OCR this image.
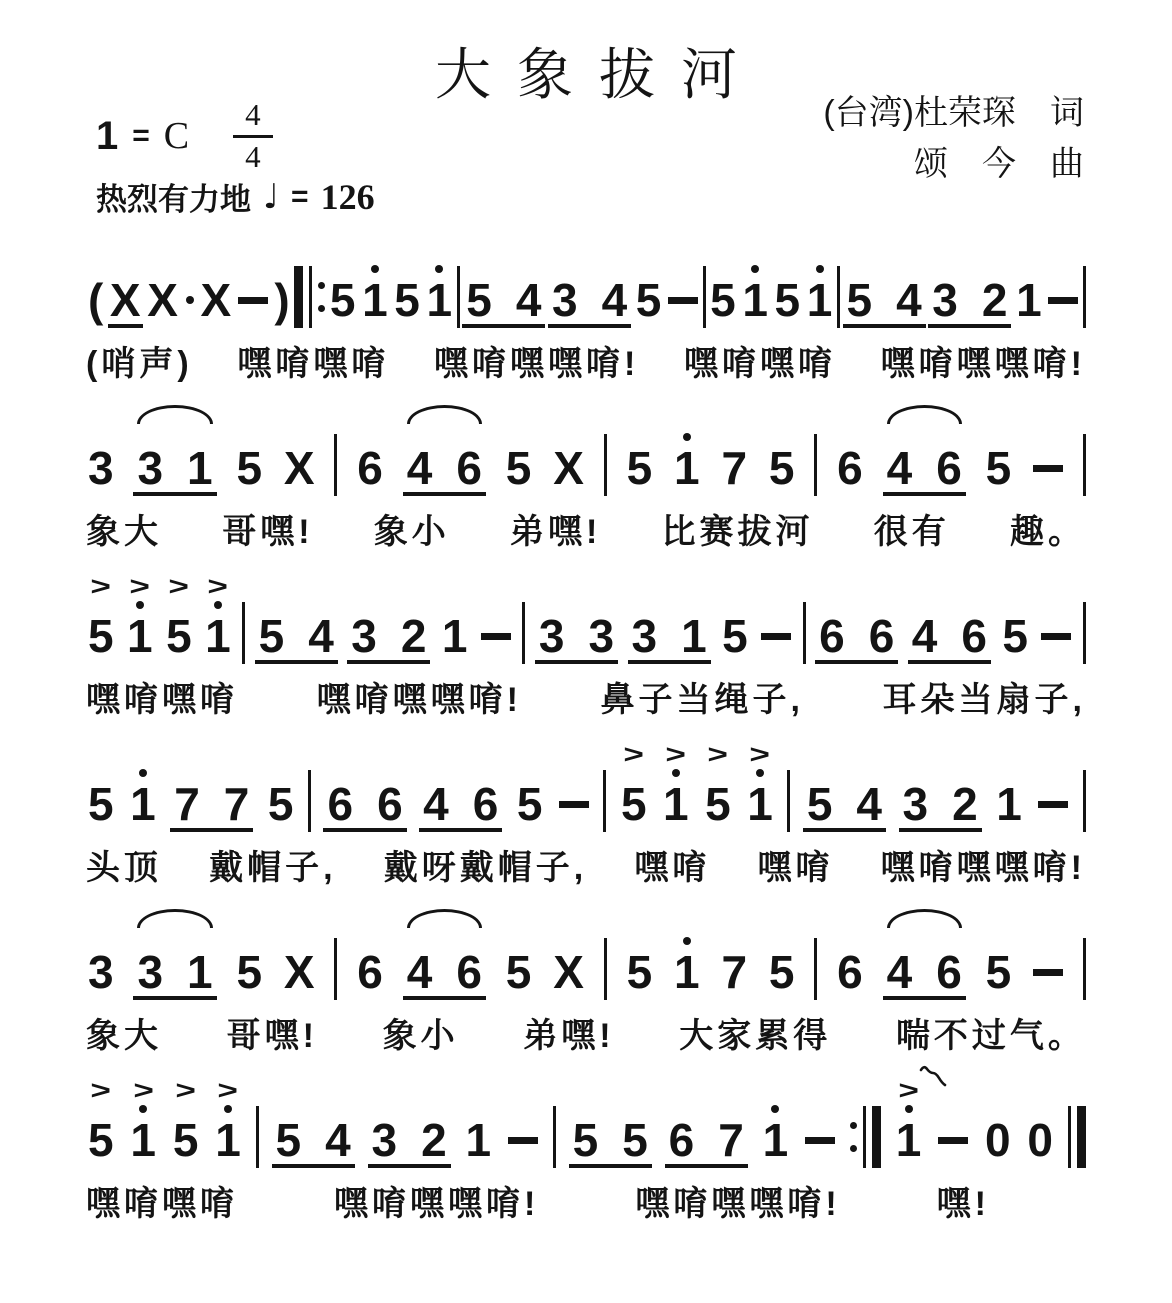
大象拔河
1 = C $\frac{4}{4}$	(台湾)杜荣琛　词
颂　今　曲
热烈有力地 ♩ = 126
( X X X ) 5 1 5 1 5 4 3 4 5 5 1 5 1 5 4 3 2 1
(哨声) 嘿唷嘿唷 嘿唷嘿嘿唷! 嘿唷嘿唷 嘿唷嘿嘿唷!
3 3 1 5 X 6 4 6 5 X 5 1 7 5 6 4 6 5
象大 哥嘿! 象小 弟嘿! 比赛拔河 很有 趣。
>
5
>
1
>
5
>
1 5 4 3 2 1 3 3 3 1 5 6 6 4 6 5
嘿唷嘿唷 嘿唷嘿嘿唷! 鼻子当绳子, 耳朵当扇子,
5 1 7 7 5 6 6 4 6 5
>
5
>
1
>
5
>
1 5 4 3 2 1
头顶 戴帽子, 戴呀戴帽子, 嘿唷 嘿唷 嘿唷嘿嘿唷!
3 3 1 5 X 6 4 6 5 X 5 1 7 5 6 4 6 5
象大 哥嘿! 象小 弟嘿! 大家累得 喘不过气。
>
5
>
1
>
5
>
1 5 4 3 2 1 5 5 6 7 1
>
1 0 0
嘿唷嘿唷	嘿唷嘿嘿唷!	嘿唷嘿嘿唷!	嘿!
